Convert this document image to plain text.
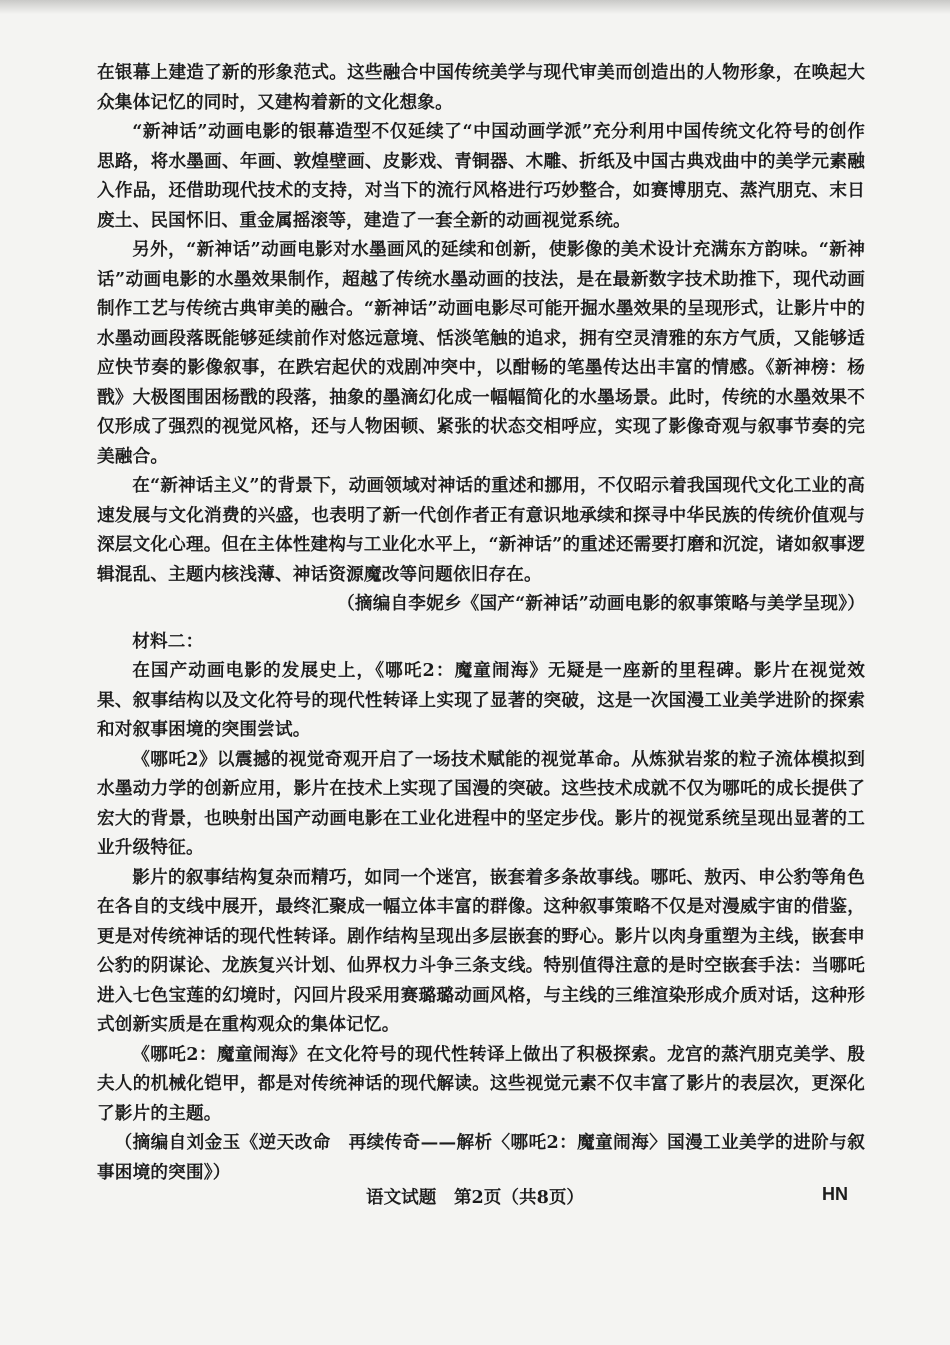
在银幕上建造了新的形象范式。这些融合中国传统美学与现代审美而创造出的人物形象，在唤起大众集体记忆的同时，又建构着新的文化想象。

“新神话”动画电影的银幕造型不仅延续了“中国动画学派”充分利用中国传统文化符号的创作思路，将水墨画、年画、敦煌壁画、皮影戏、青铜器、木雕、折纸及中国古典戏曲中的美学元素融入作品，还借助现代技术的支持，对当下的流行风格进行巧妙整合，如赛博朋克、蒸汽朋克、末日废土、民国怀旧、重金属摇滚等，建造了一套全新的动画视觉系统。

另外，“新神话”动画电影对水墨画风的延续和创新，使影像的美术设计充满东方韵味。“新神话”动画电影的水墨效果制作，超越了传统水墨动画的技法，是在最新数字技术助推下，现代动画制作工艺与传统古典审美的融合。“新神话”动画电影尽可能开掘水墨效果的呈现形式，让影片中的水墨动画段落既能够延续前作对悠远意境、恬淡笔触的追求，拥有空灵清雅的东方气质，又能够适应快节奏的影像叙事，在跌宕起伏的戏剧冲突中，以酣畅的笔墨传达出丰富的情感。《新神榜：杨戬》大极图围困杨戬的段落，抽象的墨滴幻化成一幅幅简化的水墨场景。此时，传统的水墨效果不仅形成了强烈的视觉风格，还与人物困顿、紧张的状态交相呼应，实现了影像奇观与叙事节奏的完美融合。

在“新神话主义”的背景下，动画领域对神话的重述和挪用，不仅昭示着我国现代文化工业的高速发展与文化消费的兴盛，也表明了新一代创作者正有意识地承续和探寻中华民族的传统价值观与深层文化心理。但在主体性建构与工业化水平上，“新神话”的重述还需要打磨和沉淀，诸如叙事逻辑混乱、主题内核浅薄、神话资源魔改等问题依旧存在。

（摘编自李妮乡《国产“新神话”动画电影的叙事策略与美学呈现》）

材料二：

在国产动画电影的发展史上，《哪吒2：魔童闹海》无疑是一座新的里程碑。影片在视觉效果、叙事结构以及文化符号的现代性转译上实现了显著的突破，这是一次国漫工业美学进阶的探索和对叙事困境的突围尝试。

《哪吒2》以震撼的视觉奇观开启了一场技术赋能的视觉革命。从炼狱岩浆的粒子流体模拟到水墨动力学的创新应用，影片在技术上实现了国漫的突破。这些技术成就不仅为哪吒的成长提供了宏大的背景，也映射出国产动画电影在工业化进程中的坚定步伐。影片的视觉系统呈现出显著的工业升级特征。

影片的叙事结构复杂而精巧，如同一个迷宫，嵌套着多条故事线。哪吒、敖丙、申公豹等角色在各自的支线中展开，最终汇聚成一幅立体丰富的群像。这种叙事策略不仅是对漫威宇宙的借鉴，更是对传统神话的现代性转译。剧作结构呈现出多层嵌套的野心。影片以肉身重塑为主线，嵌套申公豹的阴谋论、龙族复兴计划、仙界权力斗争三条支线。特别值得注意的是时空嵌套手法：当哪吒进入七色宝莲的幻境时，闪回片段采用赛璐璐动画风格，与主线的三维渲染形成介质对话，这种形式创新实质是在重构观众的集体记忆。

《哪吒2：魔童闹海》在文化符号的现代性转译上做出了积极探索。龙宫的蒸汽朋克美学、殷夫人的机械化铠甲，都是对传统神话的现代解读。这些视觉元素不仅丰富了影片的表层次，更深化了影片的主题。

（摘编自刘金玉《逆天改命　再续传奇——解析〈哪吒2：魔童闹海〉国漫工业美学的进阶与叙事困境的突围》）

语文试题　第2页（共8页）	HN
